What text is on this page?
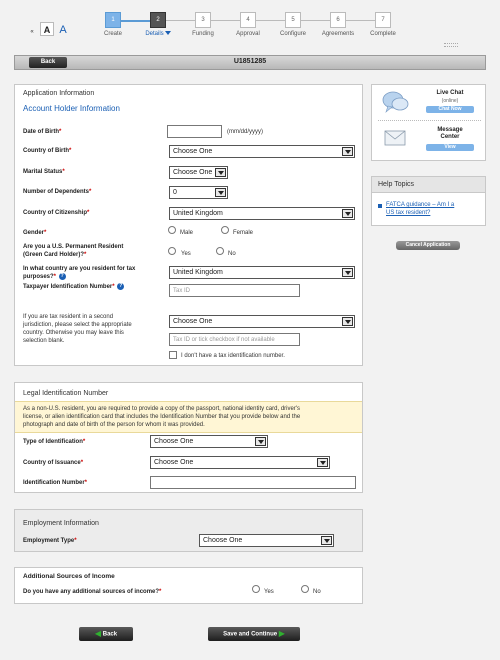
« A A
1
Create
2
Details
3
Funding
4
Approval
5
Configure
6
Agreements
7
Complete
Back	U1851285
Application Information
Account Holder Information
Date of Birth*	(mm/dd/yyyy)
Country of Birth*	Choose One
Marital Status*	Choose One
Number of Dependents*	0
Country of Citizenship*	United Kingdom
Gender*	Male	Female
Are you a U.S. Permanent Resident
(Green Card Holder)?*	Yes	No
In what country are you resident for tax
purposes?* ?	United Kingdom
Taxpayer Identification Number* ?
Tax ID
If you are tax resident in a second
jurisdiction, please select the appropriate
country. Otherwise you may leave this
selection blank.
Choose One
Tax ID or tick checkbox if not available
I don't have a tax identification number.
Legal Identification Number
As a non-U.S. resident, you are required to provide a copy of the passport, national identity card, driver's
license, or alien identification card that includes the Identification Number that you provide below and the
photograph and date of birth of the person for whom it was provided.
Type of Identification*	Choose One
Country of Issuance*	Choose One
Identification Number*
Employment Information
Employment Type*	Choose One
Additional Sources of Income
Do you have any additional sources of income?*	Yes	No
◀ Back	Save and Continue ▶
Live Chat
(online)
Chat Now
Message
Center
View
Help Topics
FATCA guidance – Am I a
US tax resident?
Cancel Application
